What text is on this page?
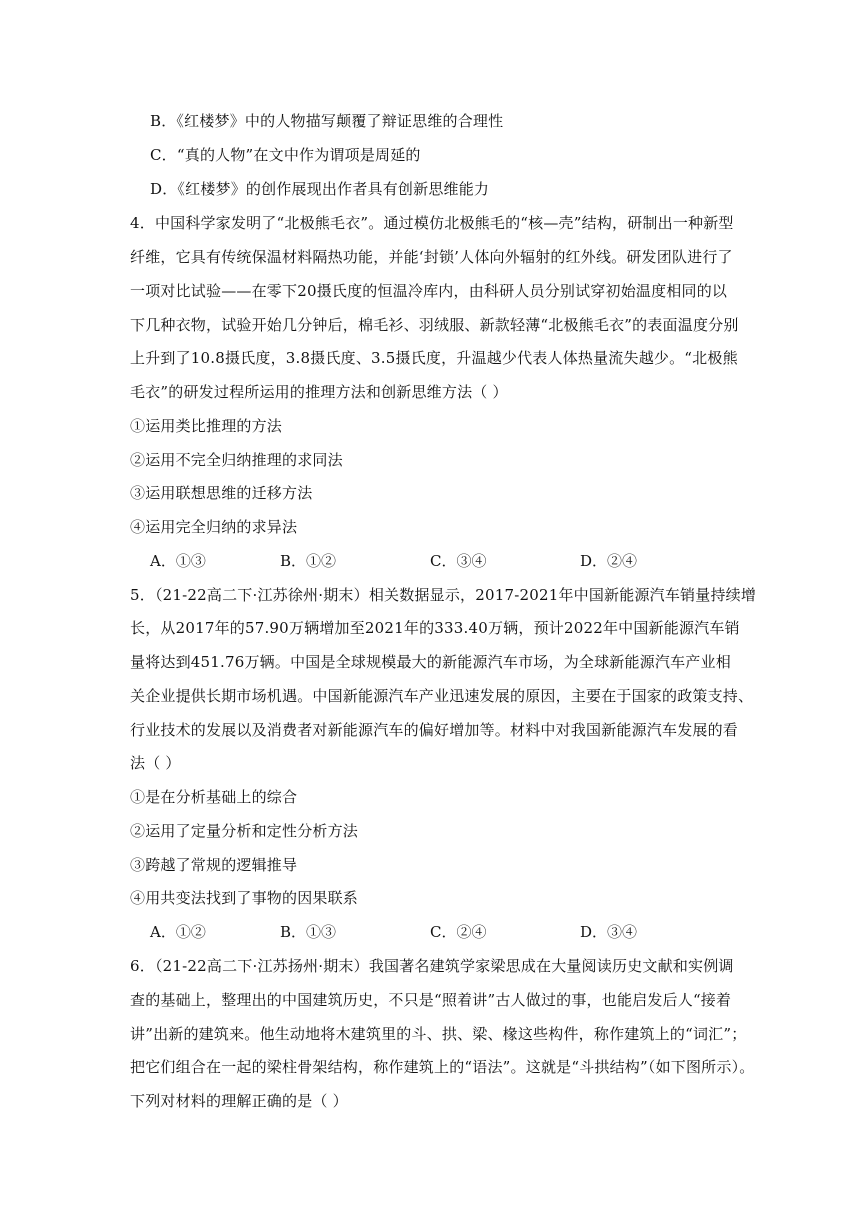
B．《红楼梦》中的人物描写颠覆了辩证思维的合理性
C．“真的人物”在文中作为谓项是周延的
D．《红楼梦》的创作展现出作者具有创新思维能力
4．中国科学家发明了“北极熊毛衣”。通过模仿北极熊毛的“核—壳”结构，研制出一种新型
纤维，它具有传统保温材料隔热功能，并能‘封锁’人体向外辐射的红外线。研发团队进行了
一项对比试验——在零下20摄氏度的恒温冷库内，由科研人员分别试穿初始温度相同的以
下几种衣物，试验开始几分钟后，棉毛衫、羽绒服、新款轻薄“北极熊毛衣”的表面温度分别
上升到了10.8摄氏度，3.8摄氏度、3.5摄氏度，升温越少代表人体热量流失越少。“北极熊
毛衣”的研发过程所运用的推理方法和创新思维方法（ ）
①运用类比推理的方法
②运用不完全归纳推理的求同法
③运用联想思维的迁移方法
④运用完全归纳的求异法
A．①③	B．①②	C．③④	D．②④
5．（21-22高二下·江苏徐州·期末）相关数据显示，2017-2021年中国新能源汽车销量持续增
长，从2017年的57.90万辆增加至2021年的333.40万辆，预计2022年中国新能源汽车销
量将达到451.76万辆。中国是全球规模最大的新能源汽车市场，为全球新能源汽车产业相
关企业提供长期市场机遇。中国新能源汽车产业迅速发展的原因，主要在于国家的政策支持、
行业技术的发展以及消费者对新能源汽车的偏好增加等。材料中对我国新能源汽车发展的看
法（ ）
①是在分析基础上的综合
②运用了定量分析和定性分析方法
③跨越了常规的逻辑推导
④用共变法找到了事物的因果联系
A．①②	B．①③	C．②④	D．③④
6．（21-22高二下·江苏扬州·期末）我国著名建筑学家梁思成在大量阅读历史文献和实例调
查的基础上，整理出的中国建筑历史，不只是“照着讲”古人做过的事，也能启发后人“接着
讲”出新的建筑来。他生动地将木建筑里的斗、拱、梁、椽这些构件，称作建筑上的“词汇”；
把它们组合在一起的梁柱骨架结构，称作建筑上的“语法”。这就是“斗拱结构”（如下图所示）。
下列对材料的理解正确的是（ ）
